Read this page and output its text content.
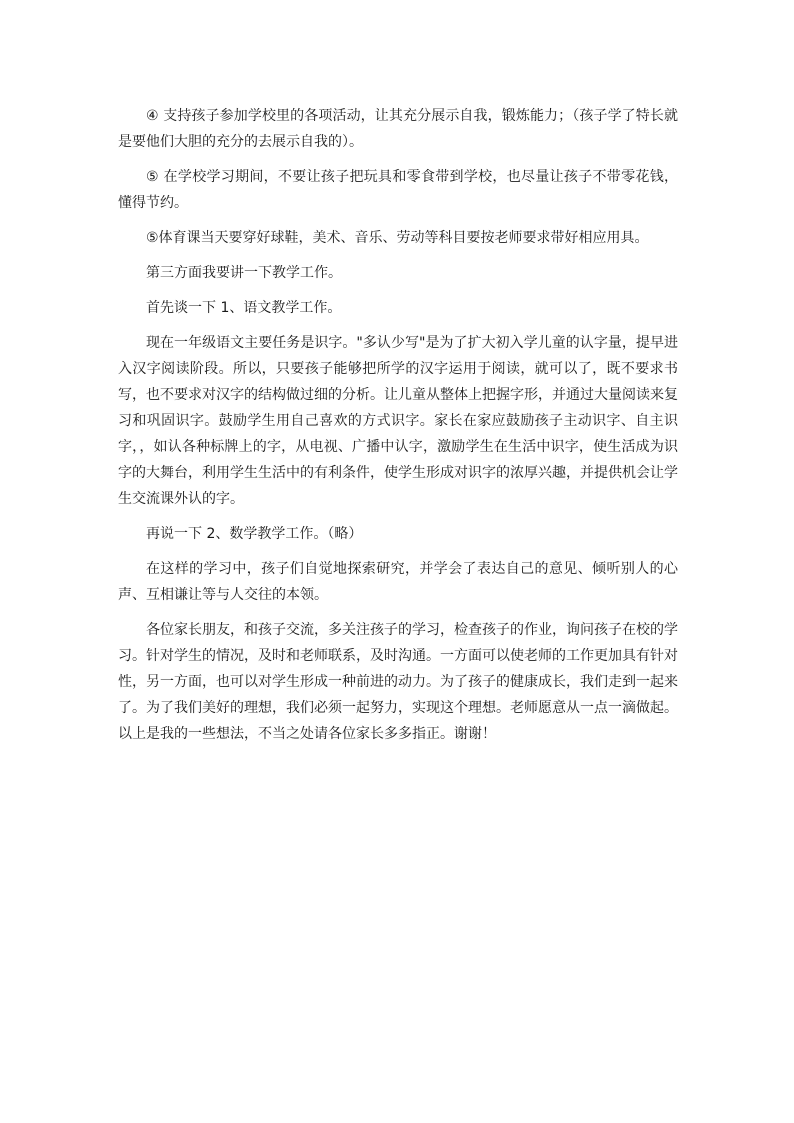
④ 支持孩子参加学校里的各项活动，让其充分展示自我，锻炼能力；（孩子学了特长就是要他们大胆的充分的去展示自我的）。

⑤ 在学校学习期间，不要让孩子把玩具和零食带到学校，也尽量让孩子不带零花钱，懂得节约。

⑤体育课当天要穿好球鞋，美术、音乐、劳动等科目要按老师要求带好相应用具。

第三方面我要讲一下教学工作。

首先谈一下 1、语文教学工作。

现在一年级语文主要任务是识字。"多认少写"是为了扩大初入学儿童的认字量，提早进入汉字阅读阶段。所以，只要孩子能够把所学的汉字运用于阅读，就可以了，既不要求书写，也不要求对汉字的结构做过细的分析。让儿童从整体上把握字形，并通过大量阅读来复习和巩固识字。鼓励学生用自己喜欢的方式识字。家长在家应鼓励孩子主动识字、自主识字，，如认各种标牌上的字，从电视、广播中认字，激励学生在生活中识字，使生活成为识字的大舞台，利用学生生活中的有利条件，使学生形成对识字的浓厚兴趣，并提供机会让学生交流课外认的字。

再说一下 2、数学教学工作。（略）

在这样的学习中，孩子们自觉地探索研究，并学会了表达自己的意见、倾听别人的心声、互相谦让等与人交往的本领。

各位家长朋友，和孩子交流，多关注孩子的学习，检查孩子的作业，询问孩子在校的学习。针对学生的情况，及时和老师联系，及时沟通。一方面可以使老师的工作更加具有针对性，另一方面，也可以对学生形成一种前进的动力。为了孩子的健康成长，我们走到一起来了。为了我们美好的理想，我们必须一起努力，实现这个理想。老师愿意从一点一滴做起。以上是我的一些想法，不当之处请各位家长多多指正。谢谢！
